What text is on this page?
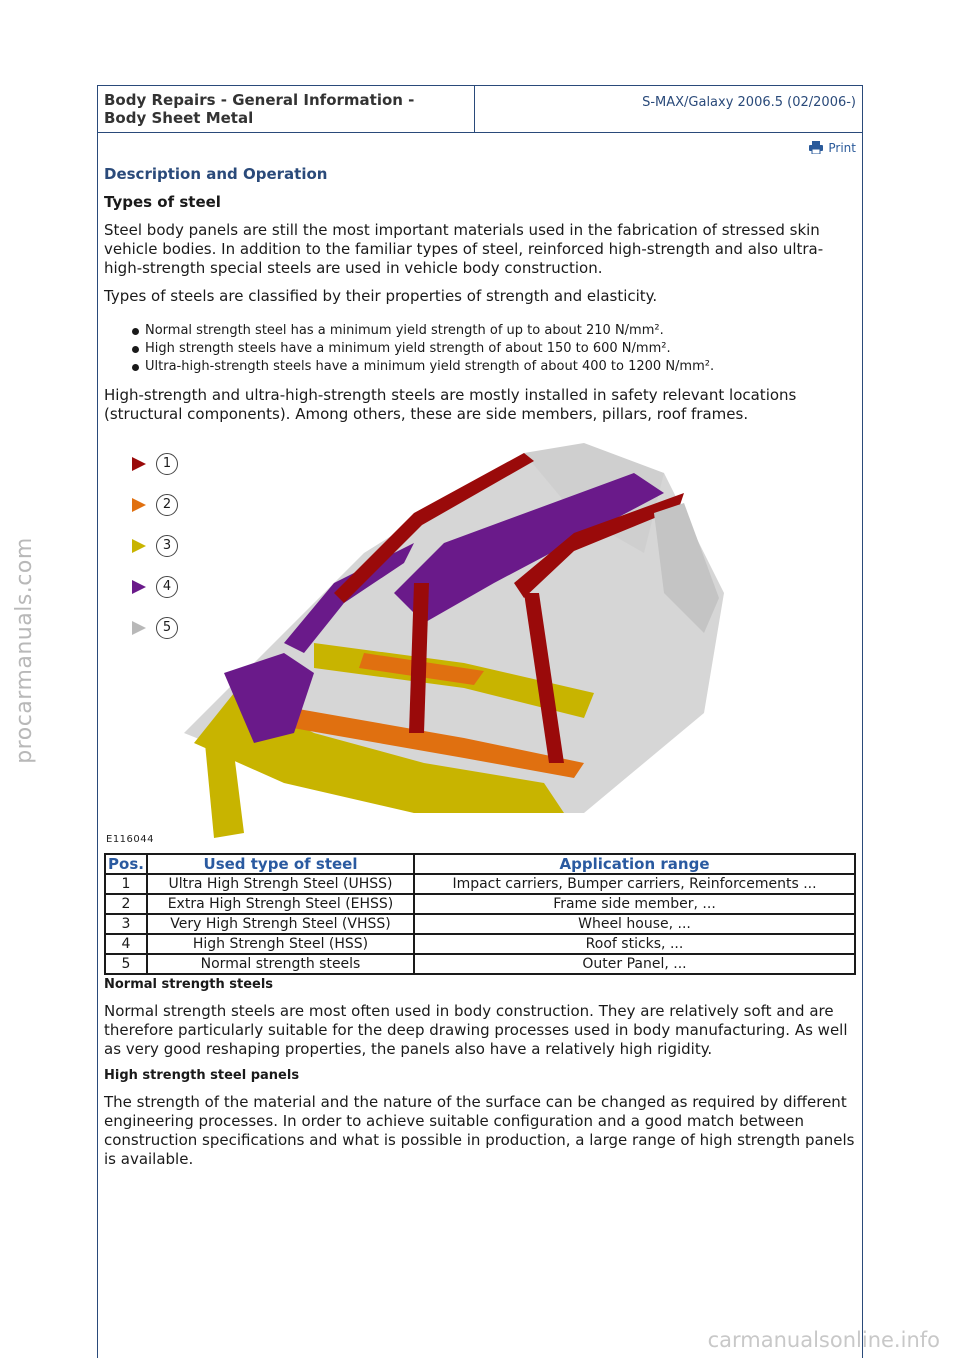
procarmanuals.com
carmanualsonline.info
Body Repairs - General Information -
Body Sheet Metal
S-MAX/Galaxy 2006.5 (02/2006-)
Print
Description and Operation
Types of steel

Steel body panels are still the most important materials used in the fabrication of stressed skin vehicle bodies. In addition to the familiar types of steel, reinforced high-strength and also ultra-high-strength special steels are used in vehicle body construction.

Types of steels are classified by their properties of strength and elasticity.

Normal strength steel has a minimum yield strength of up to about 210 N/mm².
High strength steels have a minimum yield strength of about 150 to 600 N/mm².
Ultra-high-strength steels have a minimum yield strength of about 400 to 1200 N/mm².

High-strength and ultra-high-strength steels are mostly installed in safety relevant locations (structural components). Among others, these are side members, pillars, roof frames.

1
2
3
4
5
E116044
Pos.	Used type of steel	Application range
1	Ultra High Strengh Steel (UHSS)	Impact carriers, Bumper carriers, Reinforcements ...
2	Extra High Strengh Steel (EHSS)	Frame side member, ...
3	Very High Strengh Steel (VHSS)	Wheel house, ...
4	High Strengh Steel (HSS)	Roof sticks, ...
5	Normal strength steels	Outer Panel, ...
Normal strength steels

Normal strength steels are most often used in body construction. They are relatively soft and are therefore particularly suitable for the deep drawing processes used in body manufacturing. As well as very good reshaping properties, the panels also have a relatively high rigidity.

High strength steel panels

The strength of the material and the nature of the surface can be changed as required by different engineering processes. In order to achieve suitable configuration and a good match between construction specifications and what is possible in production, a large range of high strength panels is available.
